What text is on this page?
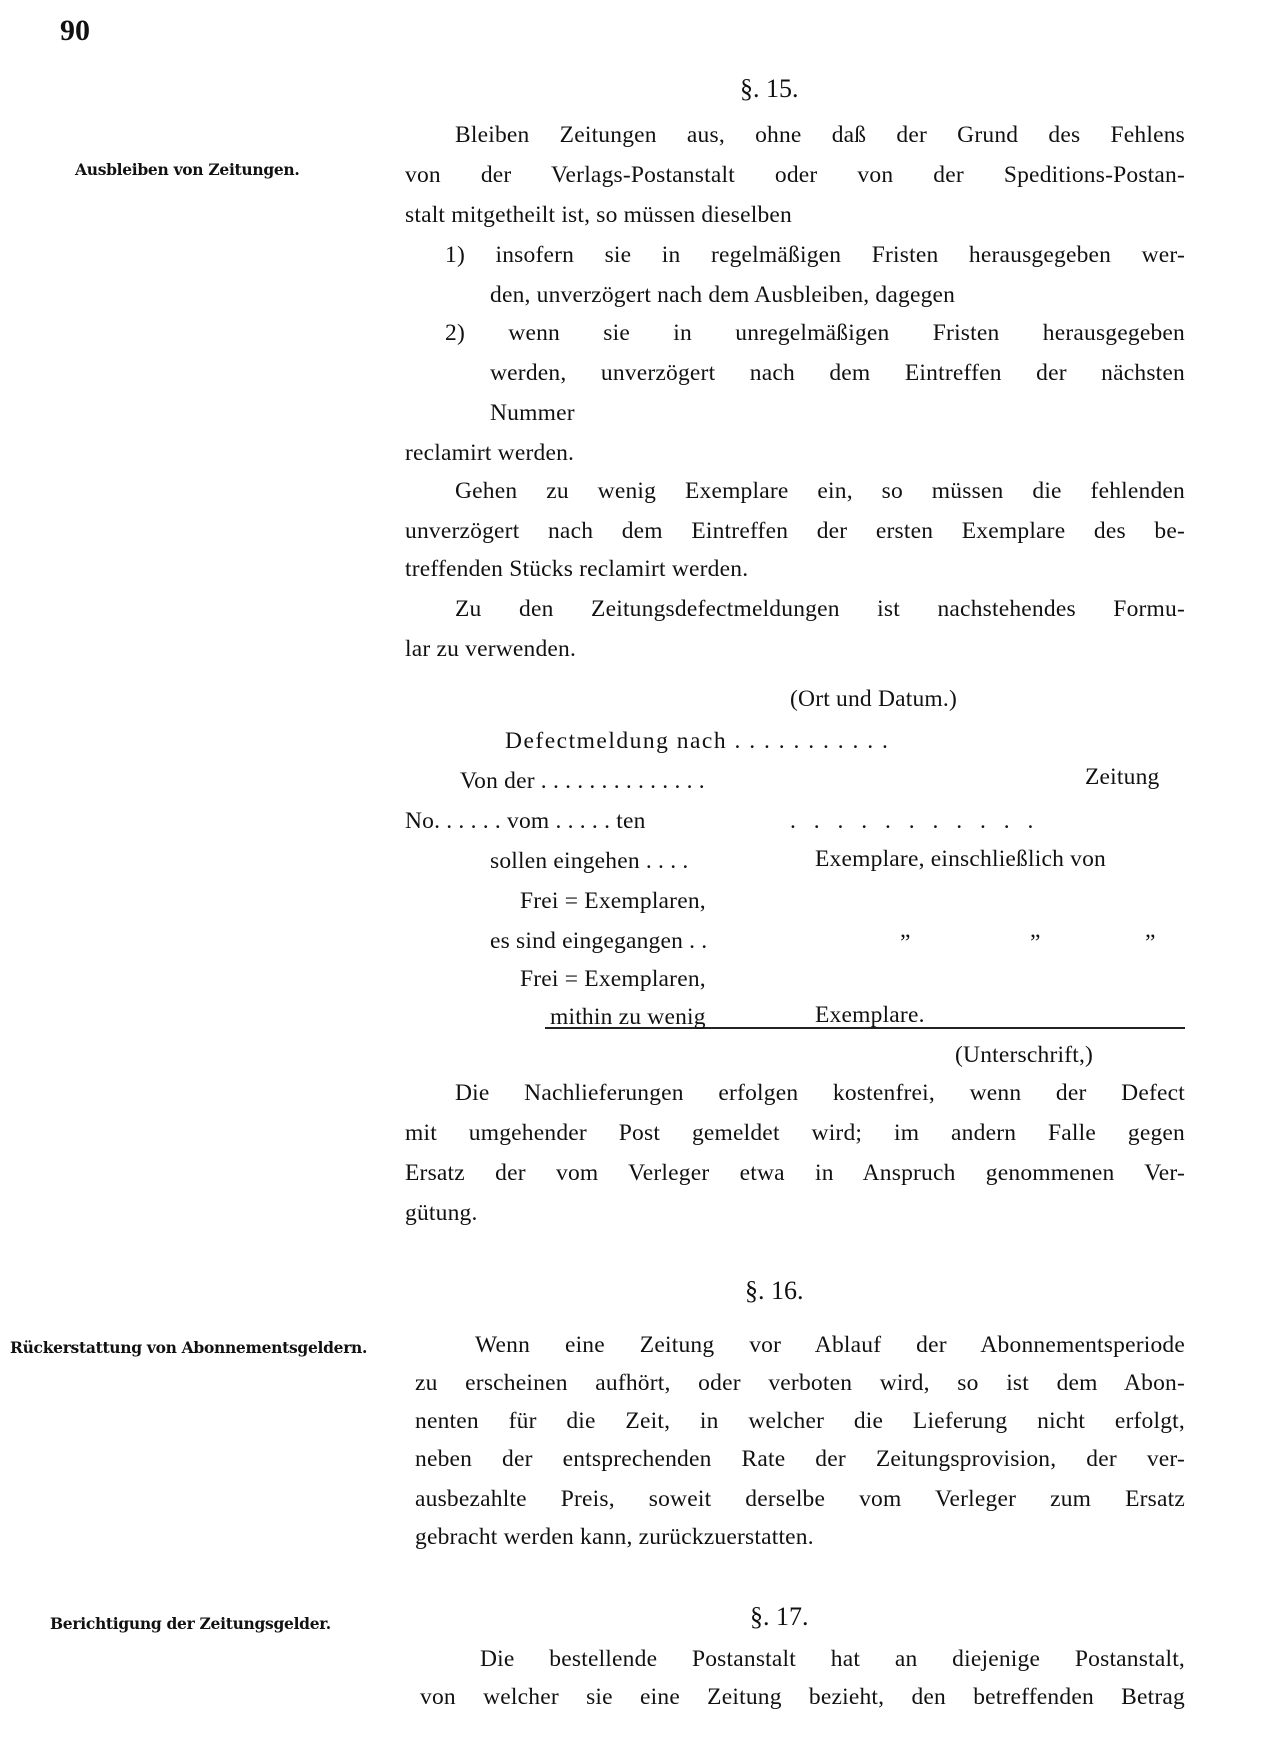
90
§. 15.
Ausbleiben von Zeitungen.
Bleiben Zeitungen aus, ohne daß der Grund des Fehlens
von der Verlags-Postanstalt oder von der Speditions-Postan-
stalt mitgetheilt ist, so müssen dieselben
1) insofern sie in regelmäßigen Fristen herausgegeben wer-
den, unverzögert nach dem Ausbleiben, dagegen
2) wenn sie in unregelmäßigen Fristen herausgegeben
werden, unverzögert nach dem Eintreffen der nächsten
Nummer
reclamirt werden.
Gehen zu wenig Exemplare ein, so müssen die fehlenden
unverzögert nach dem Eintreffen der ersten Exemplare des be-
treffenden Stücks reclamirt werden.
Zu den Zeitungsdefectmeldungen ist nachstehendes Formu-
lar zu verwenden.
(Ort und Datum.)
Defectmeldung nach . . . . . . . . . . .
Von der . . . . . . . . . . . . . .	Zeitung
No. . . . . . vom . . . . . ten	. . . . . . . . . . .
sollen eingehen . . . .	Exemplare, einschließlich von
Frei = Exemplaren,
es sind eingegangen . .	”	”	”
Frei = Exemplaren,
mithin zu wenig	Exemplare.
(Unterschrift,)
Die Nachlieferungen erfolgen kostenfrei, wenn der Defect
mit umgehender Post gemeldet wird; im andern Falle gegen
Ersatz der vom Verleger etwa in Anspruch genommenen Ver-
gütung.
§. 16.
Rückerstattung von Abonnementsgeldern.	Wenn eine Zeitung vor Ablauf der Abonnementsperiode
zu erscheinen aufhört, oder verboten wird, so ist dem Abon-
nenten für die Zeit, in welcher die Lieferung nicht erfolgt,
neben der entsprechenden Rate der Zeitungsprovision, der ver-
ausbezahlte Preis, soweit derselbe vom Verleger zum Ersatz
gebracht werden kann, zurückzuerstatten.
§. 17.
Berichtigung der Zeitungsgelder.
Die bestellende Postanstalt hat an diejenige Postanstalt,
von welcher sie eine Zeitung bezieht, den betreffenden Betrag
